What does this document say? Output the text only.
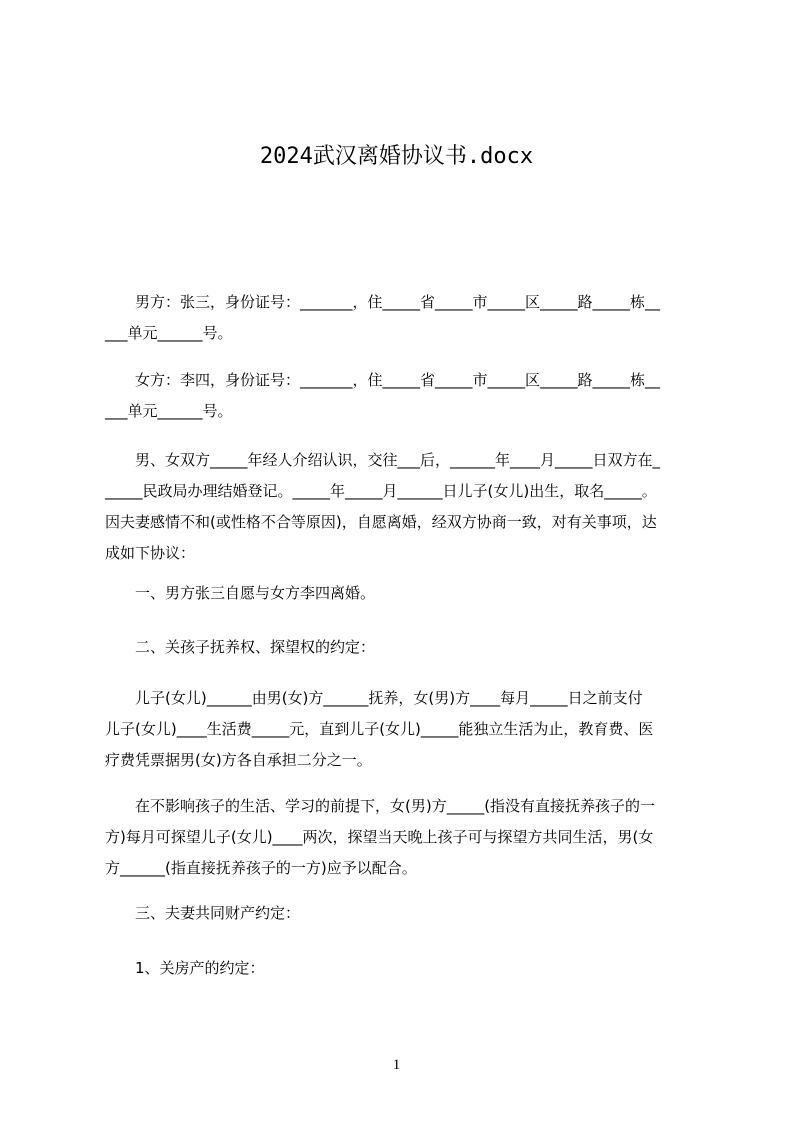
2024武汉离婚协议书.docx
　　男方：张三，身份证号：_______，住_____省_____市_____区_____路_____栋__
___单元______号。
　　女方：李四，身份证号：_______，住_____省_____市_____区_____路_____栋__
___单元______号。
　　男、女双方_____年经人介绍认识，交往___后，______年____月_____日双方在_
_____民政局办理结婚登记。_____年_____月______日儿子(女儿)出生，取名_____。
因夫妻感情不和(或性格不合等原因)，自愿离婚，经双方协商一致，对有关事项，达
成如下协议：
　　一、男方张三自愿与女方李四离婚。
　　二、关孩子抚养权、探望权的约定：
　　儿子(女儿)______由男(女)方______抚养，女(男)方____每月_____日之前支付
儿子(女儿)____生活费_____元，直到儿子(女儿)_____能独立生活为止，教育费、医
疗费凭票据男(女)方各自承担二分之一。
　　在不影响孩子的生活、学习的前提下，女(男)方_____(指没有直接抚养孩子的一
方)每月可探望儿子(女儿)____两次，探望当天晚上孩子可与探望方共同生活，男(女
方______(指直接抚养孩子的一方)应予以配合。
　　三、夫妻共同财产约定：
　　1、关房产的约定：
1
